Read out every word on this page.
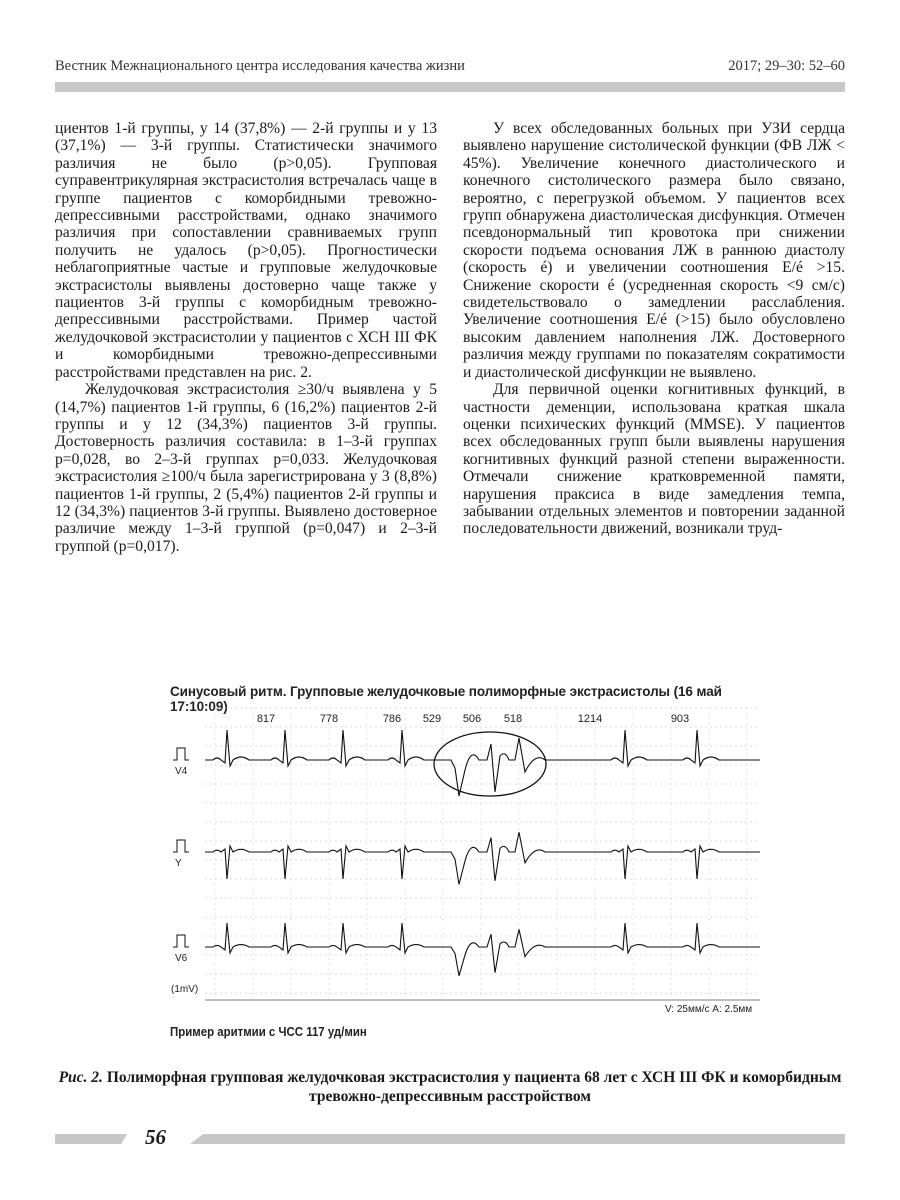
Вестник Межнационального центра исследования качества жизни	2017; 29–30: 52–60

циентов 1-й группы, у 14 (37,8%) — 2-й группы и у 13 (37,1%) — 3-й группы. Статистически значимого различия не было (p>0,05). Групповая суправентрикулярная экстрасистолия встречалась чаще в группе пациентов с коморбидными тревожно-депрессивными расстройствами, однако значимого различия при сопоставлении сравниваемых групп получить не удалось (p>0,05). Прогностически неблагоприятные частые и групповые желудочковые экстрасистолы выявлены достоверно чаще также у пациентов 3-й группы с коморбидным тревожно-депрессивными расстройствами. Пример частой желудочковой экстрасистолии у пациентов с ХСН III ФК и коморбидными тревожно-депрессивными расстройствами представлен на рис. 2.

Желудочковая экстрасистолия ≥30/ч выявлена у 5 (14,7%) пациентов 1-й группы, 6 (16,2%) пациентов 2-й группы и у 12 (34,3%) пациентов 3-й группы. Достоверность различия составила: в 1–3-й группах p=0,028, во 2–3-й группах p=0,033. Желудочковая экстрасистолия ≥100/ч была зарегистрирована у 3 (8,8%) пациентов 1-й группы, 2 (5,4%) пациентов 2-й группы и 12 (34,3%) пациентов 3-й группы. Выявлено достоверное различие между 1–3-й группой (p=0,047) и 2–3-й группой (p=0,017).

У всех обследованных больных при УЗИ сердца выявлено нарушение систолической функции (ФВ ЛЖ < 45%). Увеличение конечного диастолического и конечного систолического размера было связано, вероятно, с перегрузкой объемом. У пациентов всех групп обнаружена диастолическая дисфункция. Отмечен псевдонормальный тип кровотока при снижении скорости подъема основания ЛЖ в раннюю диастолу (скорость é) и увеличении соотношения E/é >15. Снижение скорости é (усредненная скорость <9 см/с) свидетельствовало о замедлении расслабления. Увеличение соотношения E/é (>15) было обусловлено высоким давлением наполнения ЛЖ. Достоверного различия между группами по показателям сократимости и диастолической дисфункции не выявлено.

Для первичной оценки когнитивных функций, в частности деменции, использована краткая шкала оценки психических функций (MMSE). У пациентов всех обследованных групп были выявлены нарушения когнитивных функций разной степени выраженности. Отмечали снижение кратковременной памяти, нарушения праксиса в виде замедления темпа, забывании отдельных элементов и повторении заданной последовательности движений, возникали труд-

Синусовый ритм. Групповые желудочковые полиморфные экстрасистолы (16 май 17:10:09)
817	778	786 529 506 518	1214	903
V4
Y
V6
(1mV)
V: 25мм/с A: 2.5мм
Пример аритмии с ЧСС 117 уд/мин
Рис. 2. Полиморфная групповая желудочковая экстрасистолия у пациента 68 лет с ХСН III ФК и коморбидным тревожно-депрессивным расстройством
56
